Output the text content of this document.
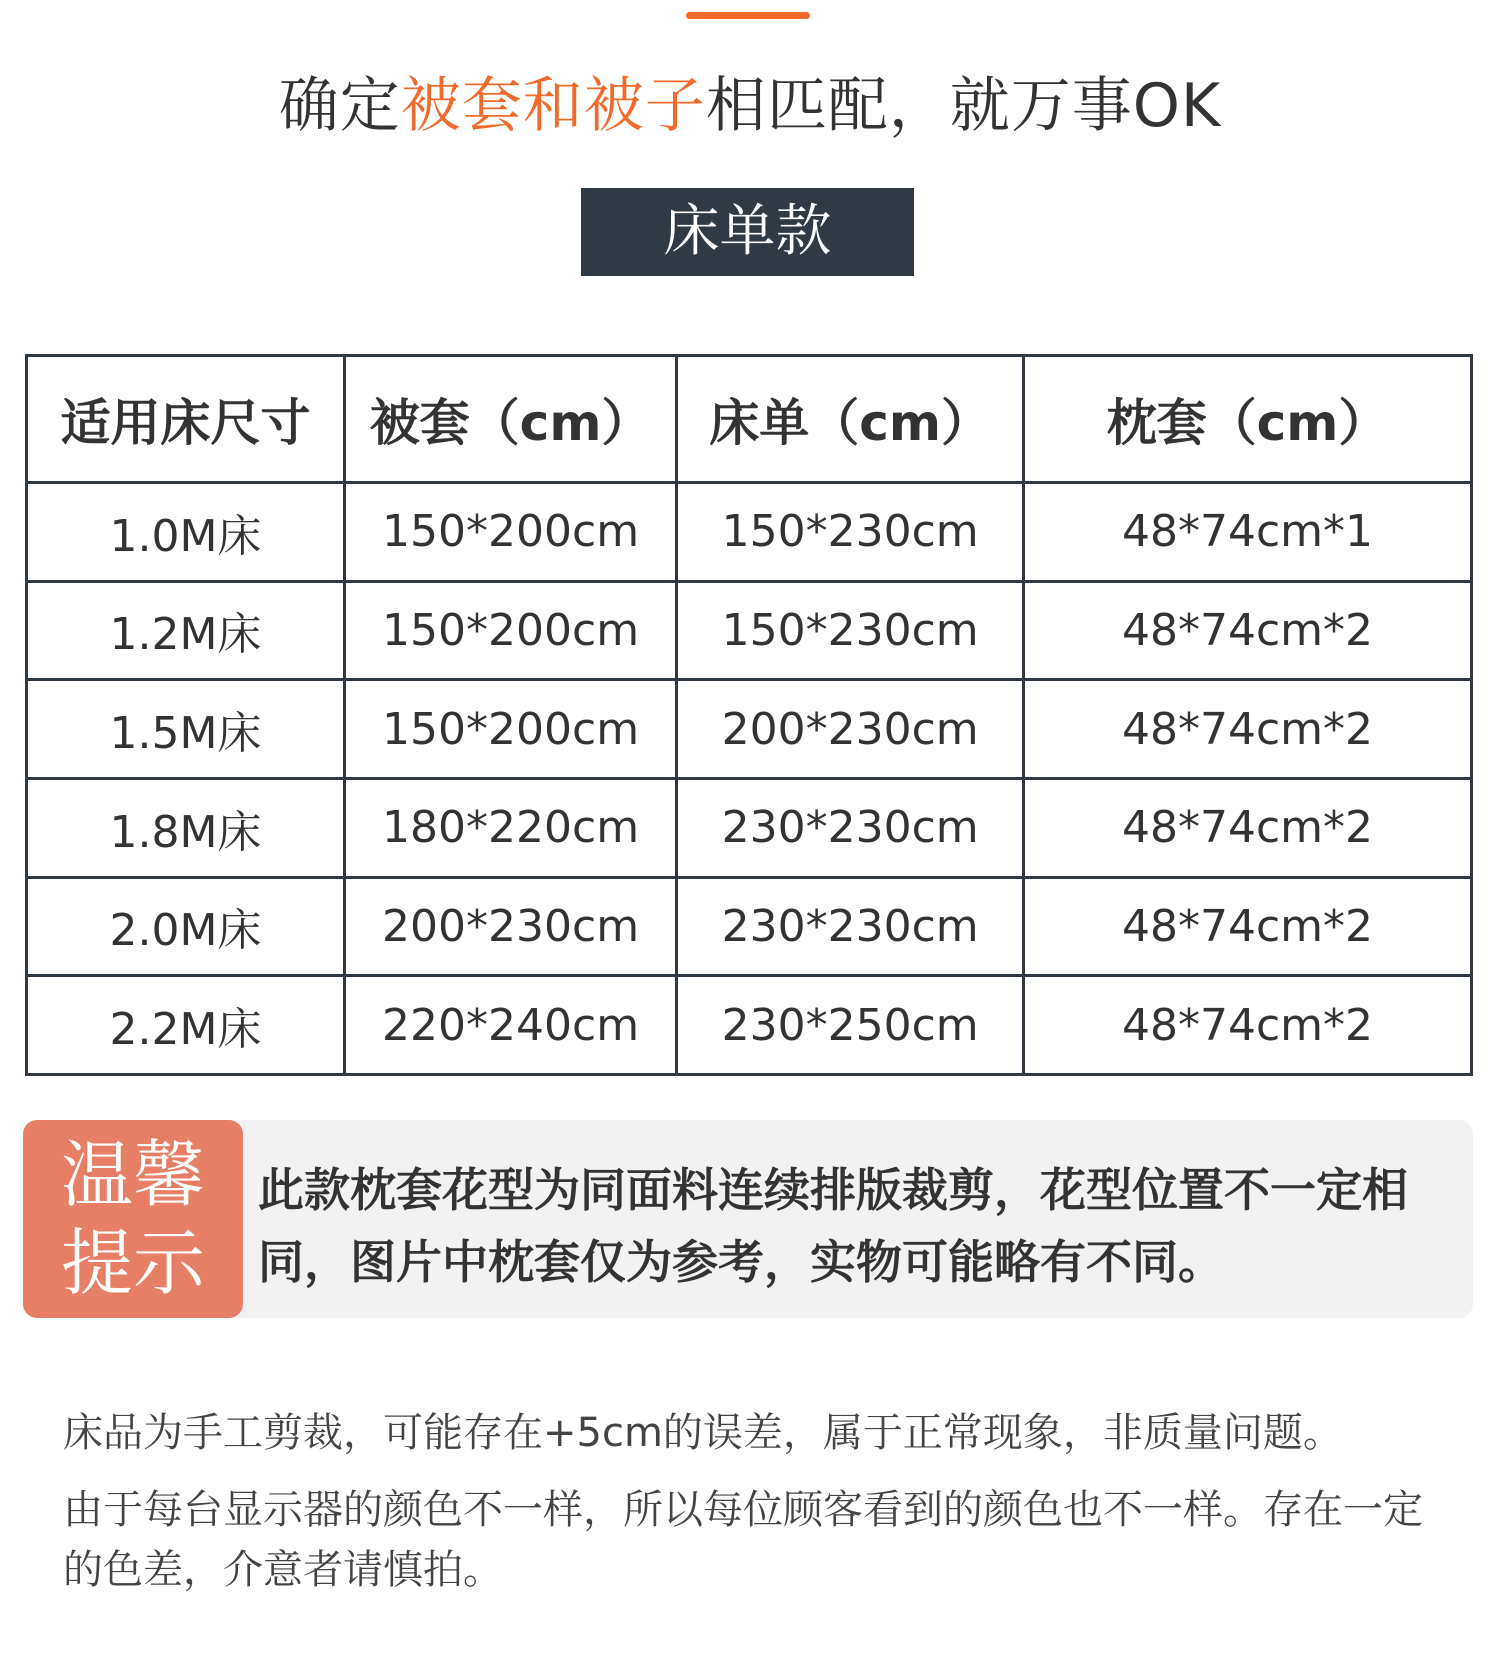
确定被套和被子相匹配，就万事OK
床单款
适用床尺寸	被套（cm）	床单（cm）	枕套（cm）
1.0M床	150*200cm	150*230cm	48*74cm*1
1.2M床	150*200cm	150*230cm	48*74cm*2
1.5M床	150*200cm	200*230cm	48*74cm*2
1.8M床	180*220cm	230*230cm	48*74cm*2
2.0M床	200*230cm	230*230cm	48*74cm*2
2.2M床	220*240cm	230*250cm	48*74cm*2
温馨
提示
此款枕套花型为同面料连续排版裁剪，花型位置不一定相同，图片中枕套仅为参考，实物可能略有不同。

床品为手工剪裁，可能存在+5cm的误差，属于正常现象，非质量问题。

由于每台显示器的颜色不一样，所以每位顾客看到的颜色也不一样。存在一定的色差，介意者请慎拍。
